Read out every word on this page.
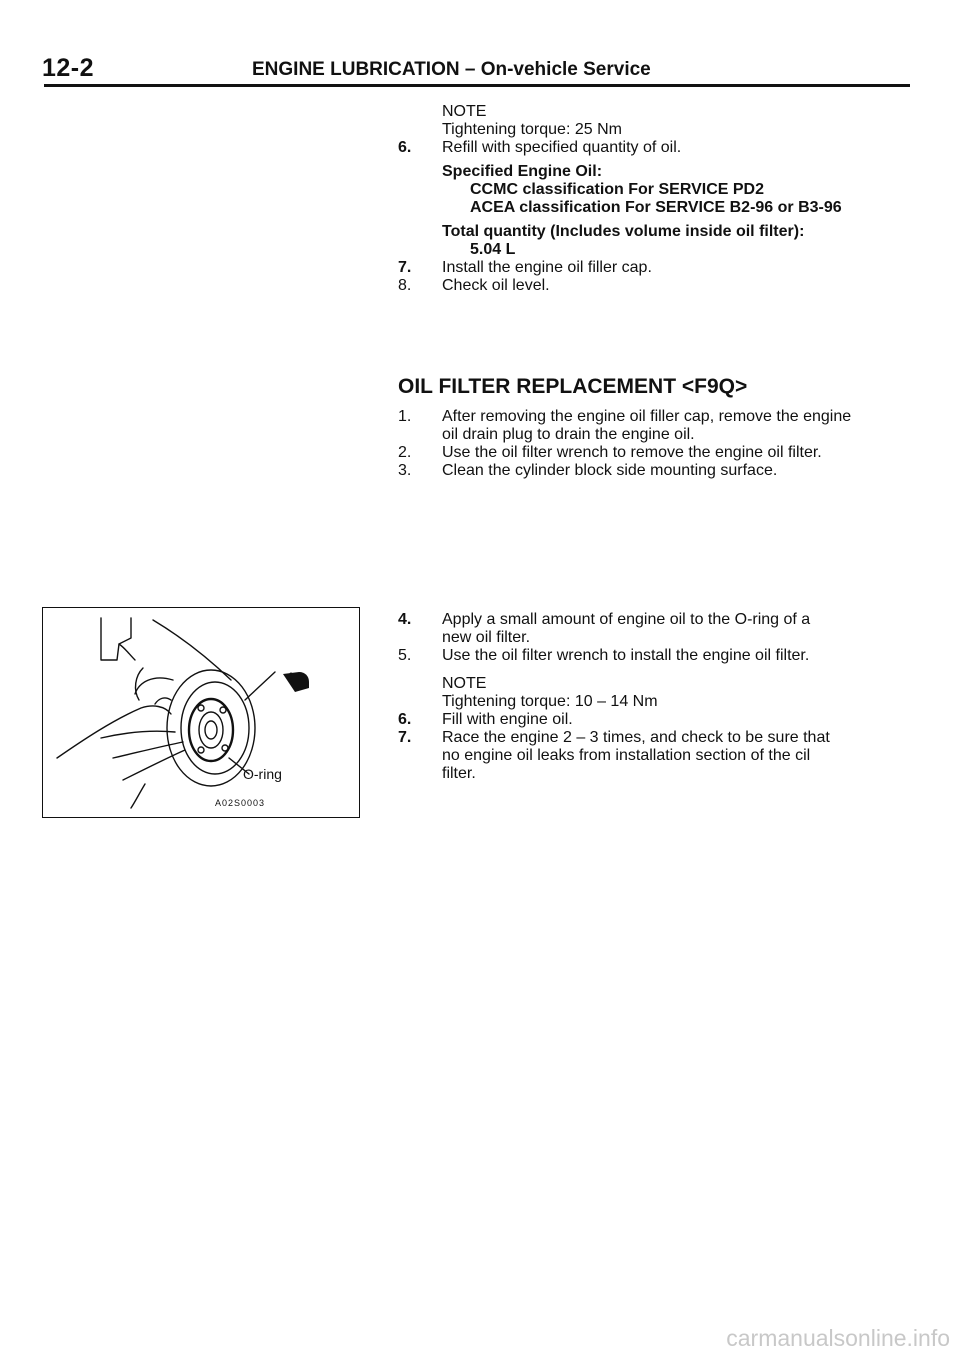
12-2	ENGINE LUBRICATION – On-vehicle Service
NOTE
Tightening torque: 25 Nm
6. Refill with specified quantity of oil.
Specified Engine Oil:
CCMC classification For SERVICE PD2
ACEA classification For SERVICE B2-96 or B3-96
Total quantity (Includes volume inside oil filter):
5.04 L
7. Install the engine oil filler cap.
8. Check oil level.
OIL FILTER REPLACEMENT <F9Q>
1. After removing the engine oil filler cap, remove the engine
oil drain plug to drain the engine oil.
2. Use the oil filter wrench to remove the engine oil filter.
3. Clean the cylinder block side mounting surface.
4. Apply a small amount of engine oil to the O-ring of a
new oil filter.
5. Use the oil filter wrench to install the engine oil filter.
NOTE
Tightening torque: 10 – 14 Nm
6. Fill with engine oil.
7. Race the engine 2 – 3 times, and check to be sure that
no engine oil leaks from installation section of the cil
filter.
O-ring
A02S0003
carmanualsonline.info
